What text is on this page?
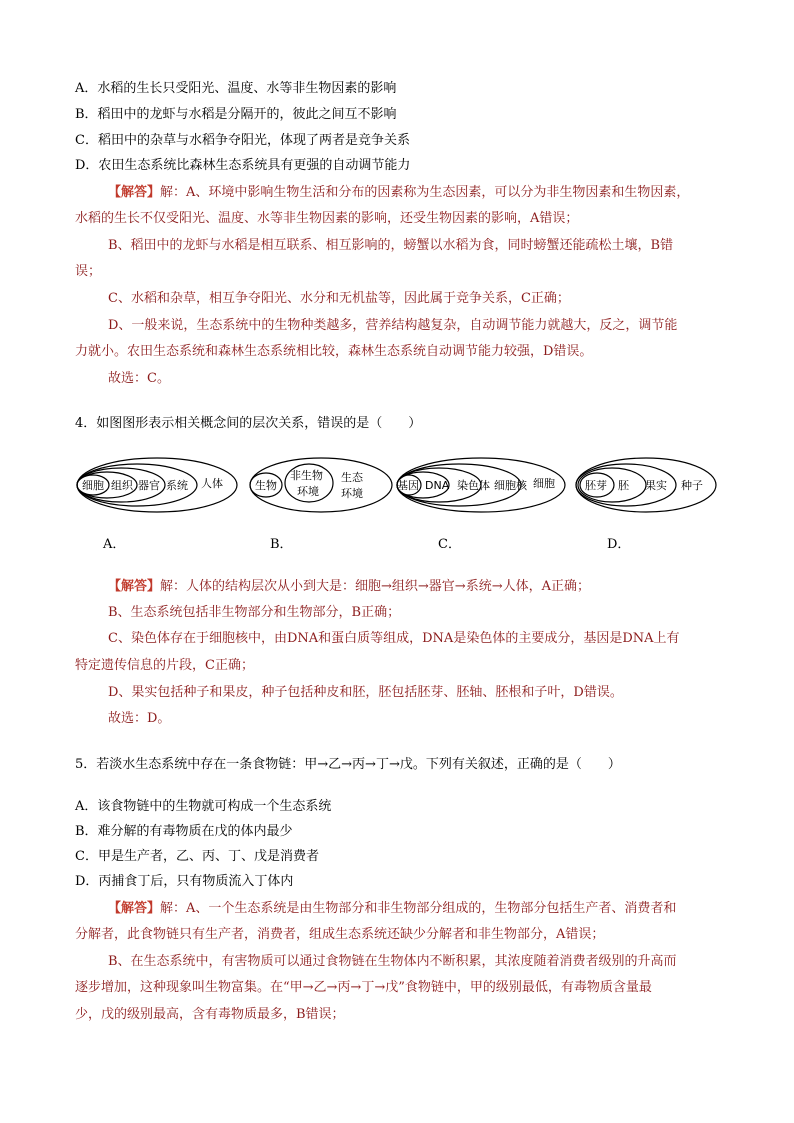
A．水稻的生长只受阳光、温度、水等非生物因素的影响
B．稻田中的龙虾与水稻是分隔开的，彼此之间互不影响
C．稻田中的杂草与水稻争夺阳光，体现了两者是竞争关系
D．农田生态系统比森林生态系统具有更强的自动调节能力
【解答】解：A、环境中影响生物生活和分布的因素称为生态因素，可以分为非生物因素和生物因素，
水稻的生长不仅受阳光、温度、水等非生物因素的影响，还受生物因素的影响，A错误；
B、稻田中的龙虾与水稻是相互联系、相互影响的，螃蟹以水稻为食，同时螃蟹还能疏松土壤，B错
误；
C、水稻和杂草，相互争夺阳光、水分和无机盐等，因此属于竞争关系，C正确；
D、一般来说，生态系统中的生物种类越多，营养结构越复杂，自动调节能力就越大，反之，调节能
力就小。农田生态系统和森林生态系统相比较，森林生态系统自动调节能力较强，D错误。
故选：C。
4．如图图形表示相关概念间的层次关系，错误的是（　　）
细胞 组织 器官 系统 人体	生物
非生物
环境
生态
环境
基因 DNA 染色体 细胞核 细胞	胚芽 胚 果实 种子
A．	B．	C．	D．
【解答】解：人体的结构层次从小到大是：细胞→组织→器官→系统→人体，A正确；
B、生态系统包括非生物部分和生物部分，B正确；
C、染色体存在于细胞核中，由DNA和蛋白质等组成，DNA是染色体的主要成分，基因是DNA上有
特定遗传信息的片段，C正确；
D、果实包括种子和果皮，种子包括种皮和胚，胚包括胚芽、胚轴、胚根和子叶，D错误。
故选：D。
5．若淡水生态系统中存在一条食物链：甲→乙→丙→丁→戊。下列有关叙述，正确的是（　　）
A．该食物链中的生物就可构成一个生态系统
B．难分解的有毒物质在戊的体内最少
C．甲是生产者，乙、丙、丁、戊是消费者
D．丙捕食丁后，只有物质流入丁体内
【解答】解：A、一个生态系统是由生物部分和非生物部分组成的，生物部分包括生产者、消费者和
分解者，此食物链只有生产者，消费者，组成生态系统还缺少分解者和非生物部分，A错误；
B、在生态系统中，有害物质可以通过食物链在生物体内不断积累，其浓度随着消费者级别的升高而
逐步增加，这种现象叫生物富集。在“甲→乙→丙→丁→戊”食物链中，甲的级别最低，有毒物质含量最
少，戊的级别最高，含有毒物质最多，B错误；
